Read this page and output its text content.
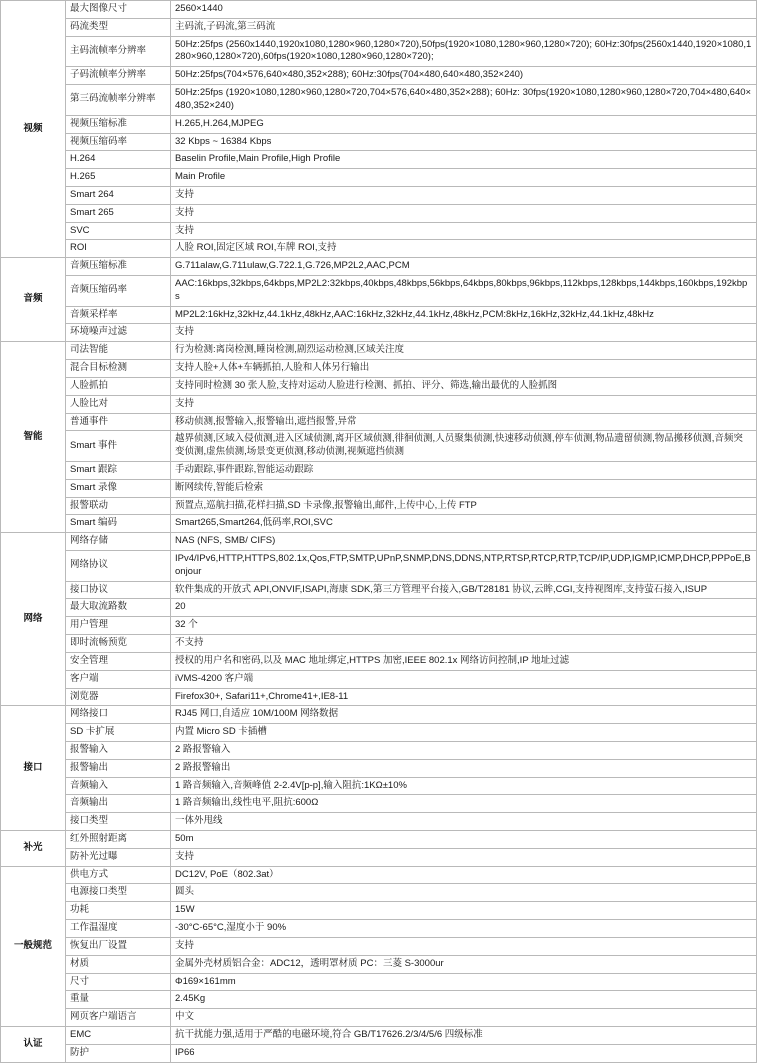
视频	最大图像尺寸	2560×1440
	码流类型	主码流,子码流,第三码流
	主码流帧率分辨率	50Hz:25fps (2560x1440,1920x1080,1280×960,1280×720),50fps(1920×1080,1280×960,1280×720); 60Hz:30fps(2560x1440,1920×1080,1280×960,1280×720),60fps(1920×1080,1280×960,1280×720);
	子码流帧率分辨率	50Hz:25fps(704×576,640×480,352×288); 60Hz:30fps(704×480,640×480,352×240)
	第三码流帧率分辨率	50Hz:25fps (1920×1080,1280×960,1280×720,704×576,640×480,352×288); 60Hz: 30fps(1920×1080,1280×960,1280×720,704×480,640×480,352×240)
	视频压缩标准	H.265,H.264,MJPEG
	视频压缩码率	32 Kbps ~ 16384 Kbps
	H.264	Baselin Profile,Main Profile,High Profile
	H.265	Main Profile
	Smart 264	支持
	Smart 265	支持
	SVC	支持
	ROI	人脸 ROI,固定区域 ROI,车牌 ROI,支持
音频	音频压缩标准	G.711alaw,G.711ulaw,G.722.1,G.726,MP2L2,AAC,PCM
	音频压缩码率	AAC:16kbps,32kbps,64kbps,MP2L2:32kbps,40kbps,48kbps,56kbps,64kbps,80kbps,96kbps,112kbps,128kbps,144kbps,160kbps,192kbps
	音频采样率	MP2L2:16kHz,32kHz,44.1kHz,48kHz,AAC:16kHz,32kHz,44.1kHz,48kHz,PCM:8kHz,16kHz,32kHz,44.1kHz,48kHz
	环境噪声过滤	支持
智能	司法智能	行为检测:离岗检测,睡岗检测,剧烈运动检测,区域关注度
	混合目标检测	支持人脸+人体+车辆抓拍,人脸和人体另行输出
	人脸抓拍	支持同时检测 30 张人脸,支持对运动人脸进行检测、抓拍、评分、筛选,输出最优的人脸抓图
	人脸比对	支持
	普通事件	移动侦测,报警输入,报警输出,遮挡报警,异常
	Smart 事件	越界侦测,区域入侵侦测,进入区域侦测,离开区域侦测,徘徊侦测,人员聚集侦测,快速移动侦测,停车侦测,物品遗留侦测,物品搬移侦测,音频突变侦测,虚焦侦测,场景变更侦测,移动侦测,视频遮挡侦测
	Smart 跟踪	手动跟踪,事件跟踪,智能运动跟踪
	Smart 录像	断网续传,智能后检索
	报警联动	预置点,巡航扫描,花样扫描,SD 卡录像,报警输出,邮件,上传中心,上传 FTP
	Smart 编码	Smart265,Smart264,低码率,ROI,SVC
网络	网络存储	NAS (NFS, SMB/ CIFS)
	网络协议	IPv4/IPv6,HTTP,HTTPS,802.1x,Qos,FTP,SMTP,UPnP,SNMP,DNS,DDNS,NTP,RTSP,RTCP,RTP,TCP/IP,UDP,IGMP,ICMP,DHCP,PPPoE,Bonjour
	接口协议	软件集成的开放式 API,ONVIF,ISAPI,海康 SDK,第三方管理平台接入,GB/T28181 协议,云眸,CGI,支持视图库,支持萤石接入,ISUP
	最大取流路数	20
	用户管理	32 个
	即时流畅预览	不支持
	安全管理	授权的用户名和密码,以及 MAC 地址绑定,HTTPS 加密,IEEE 802.1x 网络访问控制,IP 地址过滤
	客户端	iVMS-4200 客户端
	浏览器	Firefox30+, Safari11+,Chrome41+,IE8-11
接口	网络接口	RJ45 网口,自适应 10M/100M 网络数据
	SD 卡扩展	内置 Micro SD 卡插槽
	报警输入	2 路报警输入
	报警输出	2 路报警输出
	音频输入	1 路音频输入,音频峰值 2-2.4V[p-p],输入阻抗:1KΩ±10%
	音频输出	1 路音频输出,线性电平,阻抗:600Ω
	接口类型	一体外甩线
补光	红外照射距离	50m
	防补光过曝	支持
一般规范	供电方式	DC12V, PoE（802.3at）
	电源接口类型	圆头
	功耗	15W
	工作温湿度	-30°C-65°C,湿度小于 90%
	恢复出厂设置	支持
	材质	金属外壳材质铝合金：ADC12，透明罩材质 PC：三菱 S-3000ur
	尺寸	Φ169×161mm
	重量	2.45Kg
	网页客户端语言	中文
认证	EMC	抗干扰能力强,适用于严酷的电磁环境,符合 GB/T17626.2/3/4/5/6 四级标准
	防护	IP66
